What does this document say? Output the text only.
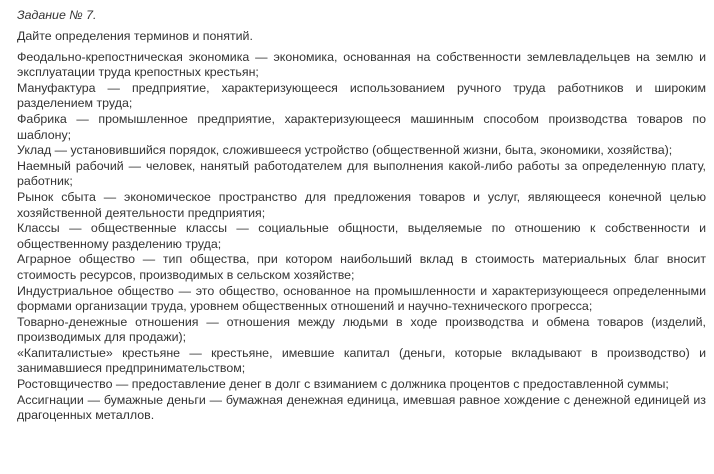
Задание № 7.

Дайте определения терминов и понятий.

Феодально-крепостническая экономика — экономика, основанная на собственности землевладельцев на землю и эксплуатации труда крепостных крестьян;

Мануфактура — предприятие, характеризующееся использованием ручного труда работников и широким разделением труда;

Фабрика — промышленное предприятие, характеризующееся машинным способом производства товаров по шаблону;

Уклад — установившийся порядок, сложившееся устройство (общественной жизни, быта, экономики, хозяйства);

Наемный рабочий — человек, нанятый работодателем для выполнения какой-либо работы за определенную плату, работник;

Рынок сбыта — экономическое пространство для предложения товаров и услуг, являющееся конечной целью хозяйственной деятельности предприятия;

Классы — общественные классы — социальные общности, выделяемые по отношению к собственности и общественному разделению труда;

Аграрное общество — тип общества, при котором наибольший вклад в стоимость материальных благ вносит стоимость ресурсов, производимых в сельском хозяйстве;

Индустриальное общество — это общество, основанное на промышленности и характеризующееся определенными формами организации труда, уровнем общественных отношений и научно-технического прогресса;

Товарно-денежные отношения — отношения между людьми в ходе производства и обмена товаров (изделий, производимых для продажи);

«Капиталистые» крестьяне — крестьяне, имевшие капитал (деньги, которые вкладывают в производство) и занимавшиеся предпринимательством;

Ростовщичество — предоставление денег в долг с взиманием с должника процентов с предоставленной суммы;

Ассигнации — бумажные деньги — бумажная денежная единица, имевшая равное хождение с денежной единицей из драгоценных металлов.
